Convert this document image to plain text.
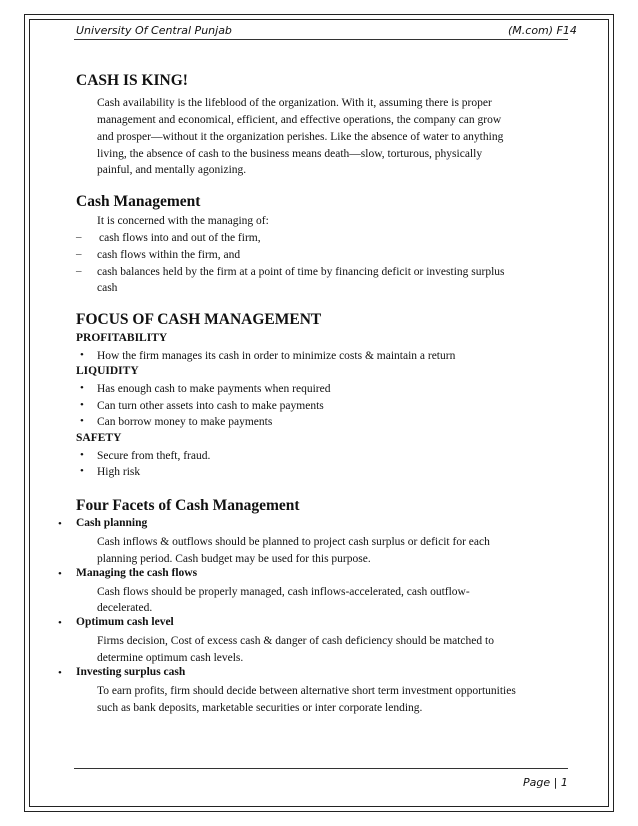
University Of Central Punjab	(M.com) F14
CASH IS KING!
Cash availability is the lifeblood of the organization. With it, assuming there is proper
management and economical, efficient, and effective operations, the company can grow
and prosper—without it the organization perishes. Like the absence of water to anything
living, the absence of cash to the business means death—slow, torturous, physically
painful, and mentally agonizing.
Cash Management
It is concerned with the managing of:
– cash flows into and out of the firm,
– cash flows within the firm, and
– cash balances held by the firm at a point of time by financing deficit or investing surplus
cash
FOCUS OF CASH MANAGEMENT
PROFITABILITY
• How the firm manages its cash in order to minimize costs & maintain a return
LIQUIDITY
• Has enough cash to make payments when required
• Can turn other assets into cash to make payments
• Can borrow money to make payments
SAFETY
• Secure from theft, fraud.
• High risk
Four Facets of Cash Management
• Cash planning
Cash inflows & outflows should be planned to project cash surplus or deficit for each
planning period. Cash budget may be used for this purpose.
• Managing the cash flows
Cash flows should be properly managed, cash inflows-accelerated, cash outflow-
decelerated.
• Optimum cash level
Firms decision, Cost of excess cash & danger of cash deficiency should be matched to
determine optimum cash levels.
• Investing surplus cash
To earn profits, firm should decide between alternative short term investment opportunities
such as bank deposits, marketable securities or inter corporate lending.
Page | 1
